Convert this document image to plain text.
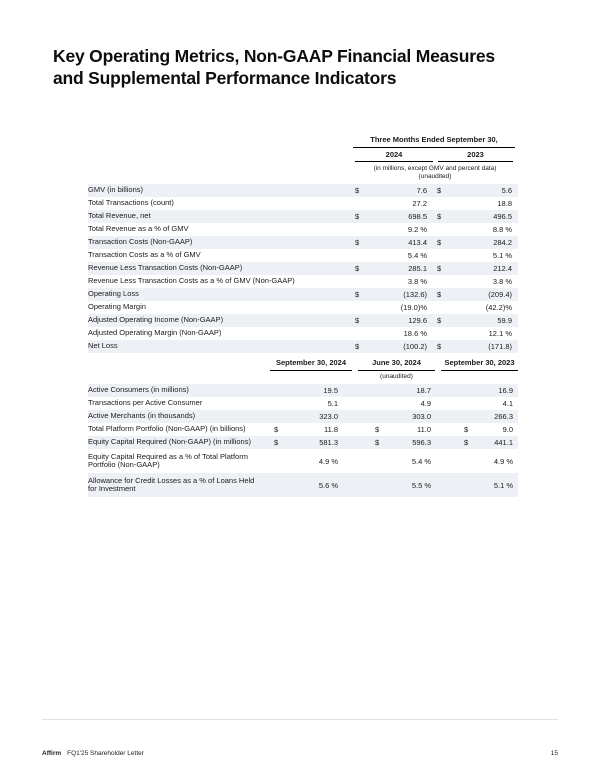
Key Operating Metrics, Non-GAAP Financial Measures
and Supplemental Performance Indicators
Three Months Ended September 30,
2024	2023
(in millions, except GMV and percent data)
(unaudited)
GMV (in billions)	$	7.6 $	5.6
Total Transactions (count)	27.2	18.8
Total Revenue, net	$	698.5 $	496.5
Total Revenue as a % of GMV	9.2 %	8.8 %
Transaction Costs (Non-GAAP)	$	413.4 $	284.2
Transaction Costs as a % of GMV	5.4 %	5.1 %
Revenue Less Transaction Costs (Non-GAAP)	$	285.1 $	212.4
Revenue Less Transaction Costs as a % of GMV (Non-GAAP)	3.8 %	3.8 %
Operating Loss	$	(132.6) $	(209.4)
Operating Margin	(19.0)%	(42.2)%
Adjusted Operating Income (Non-GAAP)	$	129.6 $	59.9
Adjusted Operating Margin (Non-GAAP)	18.6 %	12.1 %
Net Loss	$	(100.2) $	(171.8)
September 30, 2024	June 30, 2024	September 30, 2023
(unaudited)
Active Consumers (in millions)	19.5	18.7	16.9
Transactions per Active Consumer	5.1	4.9	4.1
Active Merchants (in thousands)	323.0	303.0	266.3
Total Platform Portfolio (Non-GAAP) (in billions)	$	11.8	$	11.0	$	9.0
Equity Capital Required (Non-GAAP) (in millions)	$	581.3	$	596.3	$	441.1
Equity Capital Required as a % of Total Platform Portfolio (Non-GAAP)	4.9 %	5.4 %	4.9 %
Allowance for Credit Losses as a % of Loans Held for Investment	5.6 %	5.5 %	5.1 %
Affirm FQ1'25 Shareholder Letter	15
